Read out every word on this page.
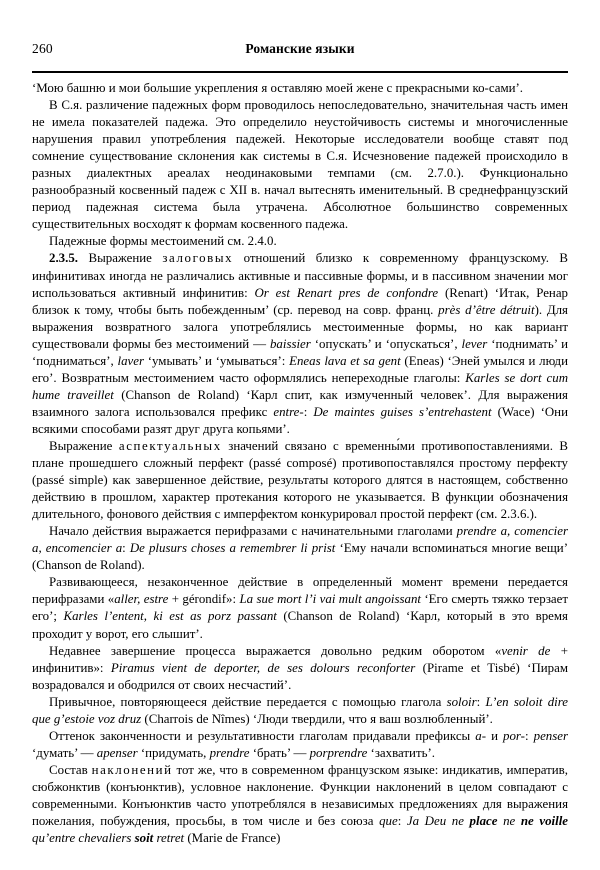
260	Романские языки

ʻМою башню и мои большие укрепления я оставляю моей жене с прекрасными ко-сами’.

В С.я. различение падежных форм проводилось непоследовательно, значительная часть имен не имела показателей падежа. Это определило неустойчивость системы и многочисленные нарушения правил употребления падежей. Некоторые исследователи вообще ставят под сомнение существование склонения как системы в С.я. Исчезновение падежей происходило в разных диалектных ареалах неодинаковыми темпами (см. 2.7.0.). Функционально разнообразный косвенный падеж с XII в. начал вытеснять именительный. В среднефранцузский период падежная система была утрачена. Абсолютное большинство современных существительных восходят к формам косвенного падежа.

Падежные формы местоимений см. 2.4.0.

2.3.5. Выражение залоговых отношений близко к современному французскому. В инфинитивах иногда не различались активные и пассивные формы, и в пассивном значении мог использоваться активный инфинитив: Or est Renart pres de confondre (Renart) ʻИтак, Ренар близок к тому, чтобы быть побежденным’ (ср. перевод на совр. франц. près d’être détruit). Для выражения возвратного залога употреблялись местоименные формы, но как вариант существовали формы без местоимений — baissier ʻопускать’ и ʻопускаться’, lever ʻподнимать’ и ʻподниматься’, laver ʻумывать’ и ʻумываться’: Eneas lava et sa gent (Eneas) ʻЭней умылся и люди его’. Возвратным местоимением часто оформлялись непереходные глаголы: Karles se dort cum hume traveillet (Chanson de Roland) ʻКарл спит, как измученный человек’. Для выражения взаимного залога использовался префикс entre-: De maintes guises s’entrehastent (Wace) ʻОни всякими способами разят друг друга копьями’.

Выражение аспектуальных значений связано с временны́ми противопоставлениями. В плане прошедшего сложный перфект (passé composé) противопоставлялся простому перфекту (passé simple) как завершенное действие, результаты которого длятся в настоящем, собственно действию в прошлом, характер протекания которого не указывается. В функции обозначения длительного, фонового действия с имперфектом конкурировал простой перфект (см. 2.3.6.).

Начало действия выражается перифразами с начинательными глаголами prendre a, comencier a, encomencier a: De plusurs choses a remembrer li prist ʻЕму начали вспоминаться многие вещи’ (Chanson de Roland).

Развивающееся, незаконченное действие в определенный момент времени передается перифразами «aller, estre + gérondif»: La sue mort l’i vai mult angoissant ʻЕго смерть тяжко терзает его’; Karles l’entent, ki est as porz passant (Chanson de Roland) ʻКарл, который в это время проходит у ворот, его слышит’.

Недавнее завершение процесса выражается довольно редким оборотом «venir de + инфинитив»: Piramus vient de deporter, de ses dolours reconforter (Pirame et Tisbé) ʻПирам возрадовался и ободрился от своих несчастий’.

Привычное, повторяющееся действие передается с помощью глагола soloir: L’en soloit dire que g’estoie voz druz (Charrois de Nîmes) ʻЛюди твердили, что я ваш возлюбленный’.

Оттенок законченности и результативности глаголам придавали префиксы a- и por-: penser ʻдумать’ — apenser ʻпридумать, prendre ʻбрать’ — porprendre ʻзахватить’.

Состав наклонений тот же, что в современном французском языке: индикатив, императив, сюбжонктив (конъюнктив), условное наклонение. Функции наклонений в целом совпадают с современными. Конъюнктив часто употреблялся в независимых предложениях для выражения пожелания, побуждения, просьбы, в том числе и без союза que: Ja Deu ne place ne ne voille qu’entre chevaliers soit retret (Marie de France)
